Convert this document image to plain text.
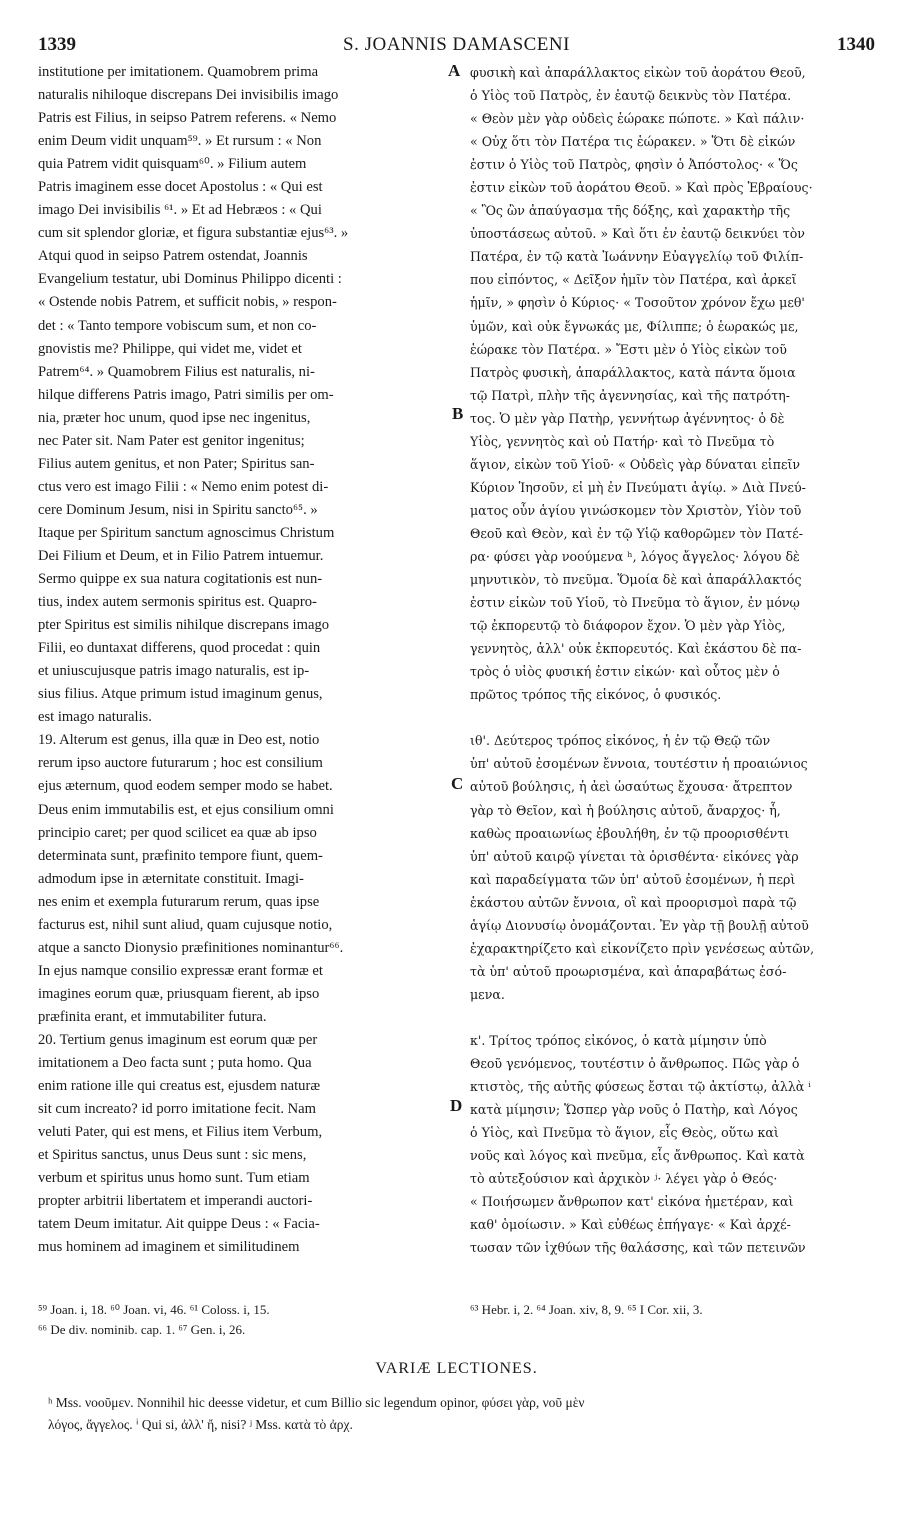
1339	S. JOANNIS DAMASCENI	1340
institutione per imitationem. Quamobrem prima
naturalis nihiloque discrepans Dei invisibilis imago
Patris est Filius, in seipso Patrem referens. « Nemo
enim Deum vidit unquam⁵⁹. » Et rursum : « Non
quia Patrem vidit quisquam⁶⁰. » Filium autem
Patris imaginem esse docet Apostolus : « Qui est
imago Dei invisibilis ⁶¹. » Et ad Hebræos : « Qui
cum sit splendor gloriæ, et figura substantiæ ejus⁶³. »
Atqui quod in seipso Patrem ostendat, Joannis
Evangelium testatur, ubi Dominus Philippo dicenti :
« Ostende nobis Patrem, et sufficit nobis, » respon-
det : « Tanto tempore vobiscum sum, et non co-
gnovistis me? Philippe, qui videt me, videt et
Patrem⁶⁴. » Quamobrem Filius est naturalis, ni-
hilque differens Patris imago, Patri similis per om-
nia, præter hoc unum, quod ipse nec ingenitus,
nec Pater sit. Nam Pater est genitor ingenitus;
Filius autem genitus, et non Pater; Spiritus san-
ctus vero est imago Filii : « Nemo enim potest di-
cere Dominum Jesum, nisi in Spiritu sancto⁶⁵. »
Itaque per Spiritum sanctum agnoscimus Christum
Dei Filium et Deum, et in Filio Patrem intuemur.
Sermo quippe ex sua natura cogitationis est nun-
tius, index autem sermonis spiritus est. Quapro-
pter Spiritus est similis nihilque discrepans imago
Filii, eo duntaxat differens, quod procedat : quin
et uniuscujusque patris imago naturalis, est ip-
sius filius. Atque primum istud imaginum genus,
est imago naturalis.
19. Alterum est genus, illa quæ in Deo est, notio
rerum ipso auctore futurarum ; hoc est consilium
ejus æternum, quod eodem semper modo se habet.
Deus enim immutabilis est, et ejus consilium omni
principio caret; per quod scilicet ea quæ ab ipso
determinata sunt, præfinito tempore fiunt, quem-
admodum ipse in æternitate constituit. Imagi-
nes enim et exempla futurarum rerum, quas ipse
facturus est, nihil sunt aliud, quam cujusque notio,
atque a sancto Dionysio præfinitiones nominantur⁶⁶.
In ejus namque consilio expressæ erant formæ et
imagines eorum quæ, priusquam fierent, ab ipso
præfinita erant, et immutabiliter futura.
20. Tertium genus imaginum est eorum quæ per
imitationem a Deo facta sunt ; puta homo. Qua
enim ratione ille qui creatus est, ejusdem naturæ
sit cum increato? id porro imitatione fecit. Nam
veluti Pater, qui est mens, et Filius item Verbum,
et Spiritus sanctus, unus Deus sunt : sic mens,
verbum et spiritus unus homo sunt. Tum etiam
propter arbitrii libertatem et imperandi auctori-
tatem Deum imitatur. Ait quippe Deus : « Facia-
mus hominem ad imaginem et similitudinem
φυσικὴ καὶ ἀπαράλλακτος εἰκὼν τοῦ ἀοράτου Θεοῦ,
ὁ Υἱὸς τοῦ Πατρὸς, ἐν ἑαυτῷ δεικνὺς τὸν Πατέρα.
« Θεὸν μὲν γὰρ οὐδεὶς ἑώρακε πώποτε. » Καὶ πάλιν·
« Οὐχ ὅτι τὸν Πατέρα τις ἑώρακεν. » Ὅτι δὲ εἰκών
ἐστιν ὁ Υἱὸς τοῦ Πατρὸς, φησὶν ὁ Ἀπόστολος· « Ὅς
ἐστιν εἰκὼν τοῦ ἀοράτου Θεοῦ. » Καὶ πρὸς Ἑβραίους·
« Ὃς ὢν ἀπαύγασμα τῆς δόξης, καὶ χαρακτὴρ τῆς
ὑποστάσεως αὐτοῦ. » Καὶ ὅτι ἐν ἑαυτῷ δεικνύει τὸν
Πατέρα, ἐν τῷ κατὰ Ἰωάννην Εὐαγγελίῳ τοῦ Φιλίπ-
που εἰπόντος, « Δεῖξον ἡμῖν τὸν Πατέρα, καὶ ἀρκεῖ
ἡμῖν, » φησὶν ὁ Κύριος· « Τοσοῦτον χρόνον ἔχω μεθ'
ὑμῶν, καὶ οὐκ ἔγνωκάς με, Φίλιππε; ὁ ἑωρακώς με,
ἑώρακε τὸν Πατέρα. » Ἔστι μὲν ὁ Υἱὸς εἰκὼν τοῦ
Πατρὸς φυσικὴ, ἀπαράλλακτος, κατὰ πάντα ὅμοια
τῷ Πατρὶ, πλὴν τῆς ἀγεννησίας, καὶ τῆς πατρότη-
τος. Ὁ μὲν γὰρ Πατὴρ, γεννήτωρ ἀγέννητος· ὁ δὲ
Υἱὸς, γεννητὸς καὶ οὐ Πατήρ· καὶ τὸ Πνεῦμα τὸ
ἅγιον, εἰκὼν τοῦ Υἱοῦ· « Οὐδεὶς γὰρ δύναται εἰπεῖν
Κύριον Ἰησοῦν, εἰ μὴ ἐν Πνεύματι ἁγίῳ. » Διὰ Πνεύ-
ματος οὖν ἁγίου γινώσκομεν τὸν Χριστὸν, Υἱὸν τοῦ
Θεοῦ καὶ Θεὸν, καὶ ἐν τῷ Υἱῷ καθορῶμεν τὸν Πατέ-
ρα· φύσει γὰρ νοούμενα ʰ, λόγος ἄγγελος· λόγου δὲ
μηνυτικὸν, τὸ πνεῦμα. Ὅμοία δὲ καὶ ἀπαράλλακτός
ἐστιν εἰκὼν τοῦ Υἱοῦ, τὸ Πνεῦμα τὸ ἅγιον, ἐν μόνῳ
τῷ ἐκπορευτῷ τὸ διάφορον ἔχον. Ὁ μὲν γὰρ Υἱὸς,
γεννητὸς, ἀλλ' οὐκ ἐκπορευτός. Καὶ ἑκάστου δὲ πα-
τρὸς ὁ υἱὸς φυσική ἐστιν εἰκών· καὶ οὗτος μὲν ὁ
πρῶτος τρόπος τῆς εἰκόνος, ὁ φυσικός.
ιθ'. Δεύτερος τρόπος εἰκόνος, ἡ ἐν τῷ Θεῷ τῶν
ὑπ' αὐτοῦ ἐσομένων ἔννοια, τουτέστιν ἡ προαιώνιος
αὐτοῦ βούλησις, ἡ ἀεὶ ὡσαύτως ἔχουσα· ἄτρεπτον
γὰρ τὸ Θεῖον, καὶ ἡ βούλησις αὐτοῦ, ἄναρχος· ἧ,
καθὼς προαιωνίως ἐβουλήθη, ἐν τῷ προορισθέντι
ὑπ' αὐτοῦ καιρῷ γίνεται τὰ ὁρισθέντα· εἰκόνες γὰρ
καὶ παραδείγματα τῶν ὑπ' αὐτοῦ ἐσομένων, ἡ περὶ
ἑκάστου αὐτῶν ἔννοια, οἳ καὶ προορισμοὶ παρὰ τῷ
ἁγίῳ Διονυσίῳ ὀνομάζονται. Ἐν γὰρ τῇ βουλῇ αὐτοῦ
ἐχαρακτηρίζετο καὶ εἰκονίζετο πρὶν γενέσεως αὐτῶν,
τὰ ὑπ' αὐτοῦ προωρισμένα, καὶ ἀπαραβάτως ἐσό-
μενα.
κ'. Τρίτος τρόπος εἰκόνος, ὁ κατὰ μίμησιν ὑπὸ
Θεοῦ γενόμενος, τουτέστιν ὁ ἄνθρωπος. Πῶς γὰρ ὁ
κτιστὸς, τῆς αὐτῆς φύσεως ἔσται τῷ ἀκτίστῳ, ἀλλὰ ⁱ
κατὰ μίμησιν; Ὥσπερ γὰρ νοῦς ὁ Πατὴρ, καὶ Λόγος
ὁ Υἱὸς, καὶ Πνεῦμα τὸ ἅγιον, εἷς Θεὸς, οὕτω καὶ
νοῦς καὶ λόγος καὶ πνεῦμα, εἷς ἄνθρωπος. Καὶ κατὰ
τὸ αὐτεξούσιον καὶ ἀρχικὸν ʲ· λέγει γὰρ ὁ Θεός·
« Ποιήσωμεν ἄνθρωπον κατ' εἰκόνα ἡμετέραν, καὶ
καθ' ὁμοίωσιν. » Καὶ εὐθέως ἐπήγαγε· « Καὶ ἀρχέ-
τωσαν τῶν ἰχθύων τῆς θαλάσσης, καὶ τῶν πετεινῶν
A
B
C
D
⁵⁹ Joan. i, 18. ⁶⁰ Joan. vi, 46. ⁶¹ Coloss. i, 15.
⁶⁶ De div. nominib. cap. 1. ⁶⁷ Gen. i, 26.
⁶³ Hebr. i, 2. ⁶⁴ Joan. xiv, 8, 9. ⁶⁵ I Cor. xii, 3.
VARIÆ LECTIONES.
ʰ Mss. νοοῦμεν. Nonnihil hic deesse videtur, et cum Billio sic legendum opinor, φύσει γὰρ, νοῦ μὲν
λόγος, ἄγγελος. ⁱ Qui si, ἀλλ' ἤ, nisi? ʲ Mss. κατὰ τὸ ἀρχ.
